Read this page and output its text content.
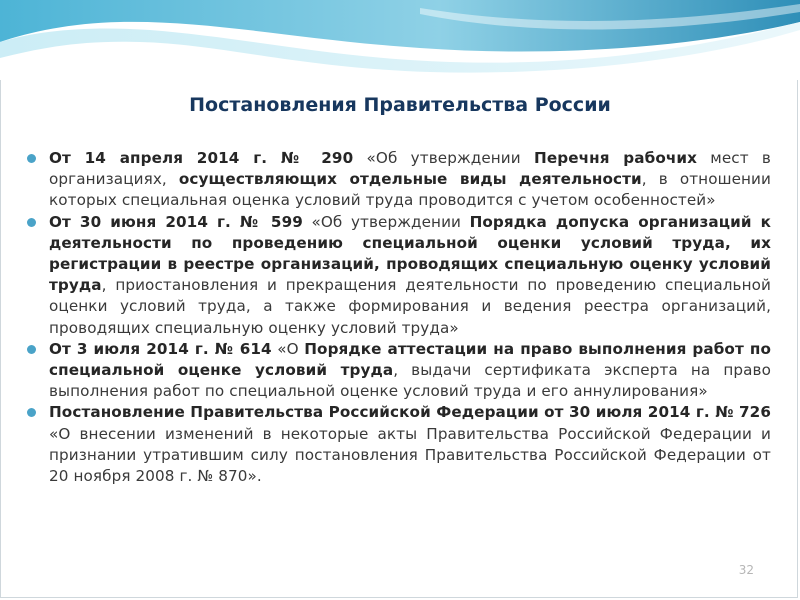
Постановления Правительства России
От 14 апреля 2014 г. № 290 «Об утверждении Перечня рабочих мест в организациях, осуществляющих отдельные виды деятельности, в отношении которых специальная оценка условий труда проводится с учетом особенностей»
От 30 июня 2014 г. № 599 «Об утверждении Порядка допуска организаций к деятельности по проведению специальной оценки условий труда, их регистрации в реестре организаций, проводящих специальную оценку условий труда, приостановления и прекращения деятельности по проведению специальной оценки условий труда, а также формирования и ведения реестра организаций, проводящих специальную оценку условий труда»
От 3 июля 2014 г. № 614 «О Порядке аттестации на право выполнения работ по специальной оценке условий труда, выдачи сертификата эксперта на право выполнения работ по специальной оценке условий труда и его аннулирования»
Постановление Правительства Российской Федерации от 30 июля 2014 г. № 726 «О внесении изменений в некоторые акты Правительства Российской Федерации и признании утратившим силу постановления Правительства Российской Федерации от 20 ноября 2008 г. № 870».
32
